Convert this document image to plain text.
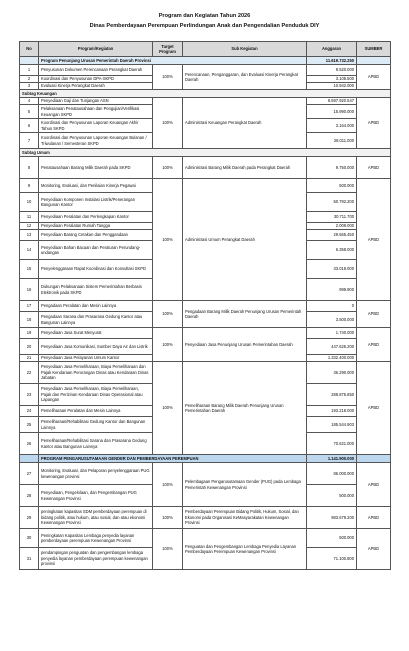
Program dan Kegiatan Tahun 2026
Dinas Pemberdayaan Perempuan Perlindungan Anak dan Pengendalian Penduduk DIY
No	Program/Kegiatan	Target Program	Sub Kegiatan	Anggaran	SUMBER
	Program Penunjang Urusan Pemerintah Daerah Provinsi			11.619.732.250	
1	Penyusunan Dokumen Perencanaan Perangkat Daerah	100%	Perencanaan, Penganggaran, dan Evaluasi Kinerja Perangkat Daerah	9.520.000	APBD
2	Koordinasi dan Penyusunan DPA-SKPD			3.105.500	
3	Evaluasi Kinerja Perangkat Daerah			10.942.000	
Subtag Keuangan					
4	Penyediaan Gaji dan Tunjangan ASN	100%	Administrasi Keuangan Perangkat Daerah	8.597.920.547	APBD
5	Pelaksanaan Penatausahaan dan Pengujian/Verifikasi Keuangan SKPD			15.990.000	
6	Koordinasi dan Penyusunan Laporan Keuangan Akhir Tahun SKPD			3.164.000	
7	Koordinasi dan Penyusunan Laporan Keuangan Bulanan / Triwulanan / Semesteran SKPD			28.011.000	
Subtag Umum					
8	Penatausahaan Barang Milik Daerah pada SKPD	100%	Administrasi Barang Milik Daerah pada Perangkat Daerah	9.750.000	APBD
9	Monitoring, Evaluasi, dan Penilaian Kinerja Pegawai	100%	Administrasi Umum Perangkat Daerah	500.000	APBD
10	Penyediaan Komponen Instalasi Listrik/Penerangan Bangunan Kantor			50.792.200	
11	Penyediaan Peralatan dan Perlengkapan Kantor			30.711.700	
12	Penyediaan Peralatan Rumah Tangga			2.009.000	
13	Penyediaan Barang Cetakan dan Penggandaan			29.565.450	
14	Penyediaan Bahan Bacaan dan Peraturan Perundang-undangan			6.358.000	
15	Penyelenggaraan Rapat Koordinasi dan Konsultasi SKPD			33.019.000	
16	Dukungan Pelaksanaan Sistem Pemerintahan Berbasis Elektronik pada SKPD			999.900	
17	Pengadaan Peralatan dan Mesin Lainnya	100%	Pengadaan Barang Milik Daerah Penunjang Urusan Pemerintah Daerah	0	APBD
18	Pengadaan Sarana dan Prasarana Gedung Kantor atau Bangunan Lainnya			3.500.000	
19	Penyediaan Jasa Surat Menyurat	100%	Penyediaan Jasa Penunjang Urusan Pemerintahan Daerah	1.740.000	APBD
20	Penyediaan Jasa Komunikasi, Sumber Daya Air dan Listrik			447.625.200	
21	Penyediaan Jasa Pelayanan Umum Kantor			1.332.400.000	
22	Penyediaan Jasa Pemeliharaan, Biaya Pemeliharaan dan Pajak Kendaraan Perorangan Dinas atau Kendaraan Dinas Jabatan	100%	Pemeliharaan Barang Milik Daerah Penunjang Urusan Pemerintahan Daerah	36.290.000	APBD
23	Penyediaan Jasa Pemeliharaan, Biaya Pemeliharaan, Pajak dan Perizinan Kendaraan Dinas Operasional atau Lapangan			288.875.850	
24	Pemeliharaan Peralatan dan Mesin Lainnya			193.218.000	
25	Pemeliharaan/Rehabilitasi Gedung Kantor dan Bangunan Lainnya			185.544.903	
26	Pemeliharaan/Rehabilitasi Sarana dan Prasarana Gedung Kantor atau Bangunan Lainnya			70.621.000	
	PROGRAM PENGARUSUTAMAAN GENDER DAN PEMBERDAYAAN PEREMPUAN			1.141.900.000	
27	Monitoring, Evaluasi, dan Pelaporan penyelenggaraan PUG kewenangan provinsi	100%	Pelembagaan Pengarusutamaan Gender (PUG) pada Lembaga Pemerintah Kewenangan Provinsi	86.000.000	APBD
28	Penyediaan, Pengelolaan, dan Pengembangan PUG Kewenangan Provinsi			500.000	
29	peningkatan kapasitas SDM pemberdayaan perempuan di bidang politik, atau hukum, atau sosial, dan atau ekonomi Kewenangan Provinsi	100%	Pemberdayaan Perempuan Bidang Politik, Hukum, Sosial, dan Ekonomi pada Organisasi KeMasyarakatan Kewenangan Provinsi	983.679.200	APBD
30	Peningkatan Kapasitas Lembaga penyedia layanan pemberdayaan perempuan Kewenangan Provinsi	100%	Penguatan dan Pengembangan Lembaga Penyedia Layanan Pemberdayaan Perempuan Kewenangan Provinsi	500.000	APBD
31	pendampingan penguatan dan pengembangan lembaga penyedia layanan pemberdayaan perempuan kewenangan provinsi			71.100.800	
